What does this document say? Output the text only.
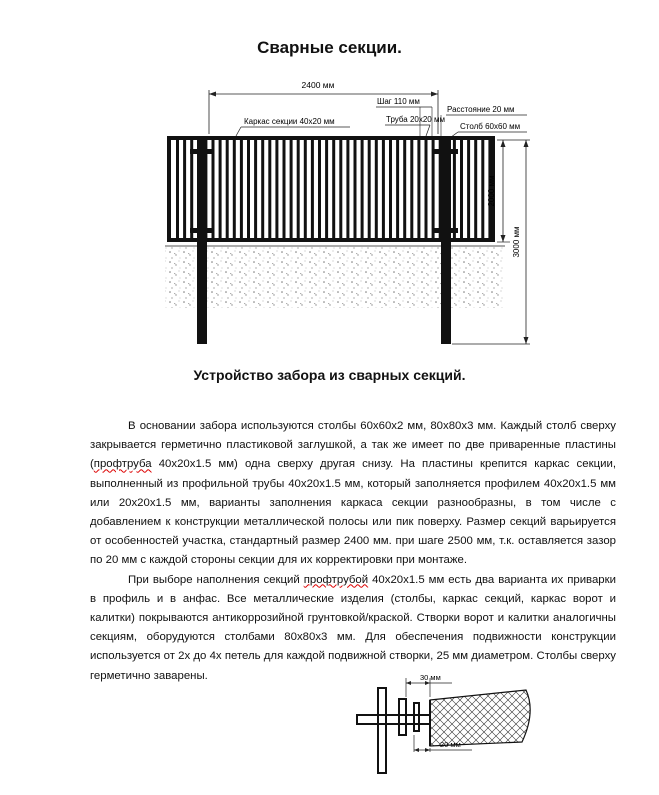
Сварные секции.
2400 мм
Каркас секции 40х20 мм
Шаг 110 мм
Труба 20х20 мм
Расстояние 20 мм
Столб 60х60 мм
2000 мм
3000 мм
Устройство забора из сварных секций.

В основании забора используются столбы 60х60х2 мм, 80х80х3 мм. Каждый столб сверху закрывается герметично пластиковой заглушкой, а так же имеет по две приваренные пластины (профтруба 40х20х1.5 мм) одна сверху другая снизу. На пластины крепится каркас секции, выполненный из профильной трубы 40х20х1.5 мм, который заполняется профилем 40х20х1.5 мм или 20х20х1.5 мм, варианты заполнения каркаса секции разнообразны, в том числе с добавлением к конструкции металлической полосы или пик поверху. Размер секций варьируется от особенностей участка, стандартный размер 2400 мм. при шаге 2500 мм, т.к. оставляется зазор по 20 мм с каждой стороны секции для их корректировки при монтаже.

При выборе наполнения секций профтрубой 40х20х1.5 мм есть два варианта их приварки в профиль и в анфас. Все металлические изделия (столбы, каркас секций, каркас ворот и калитки) покрываются антикоррозийной грунтовкой/краской. Створки ворот и калитки аналогичны секциям, оборудуются столбами 80х80х3 мм. Для обеспечения подвижности конструкции используется от 2х до 4х петель для каждой подвижной створки, 25 мм диаметром. Столбы сверху герметично заварены.	30 мм
20 мм
